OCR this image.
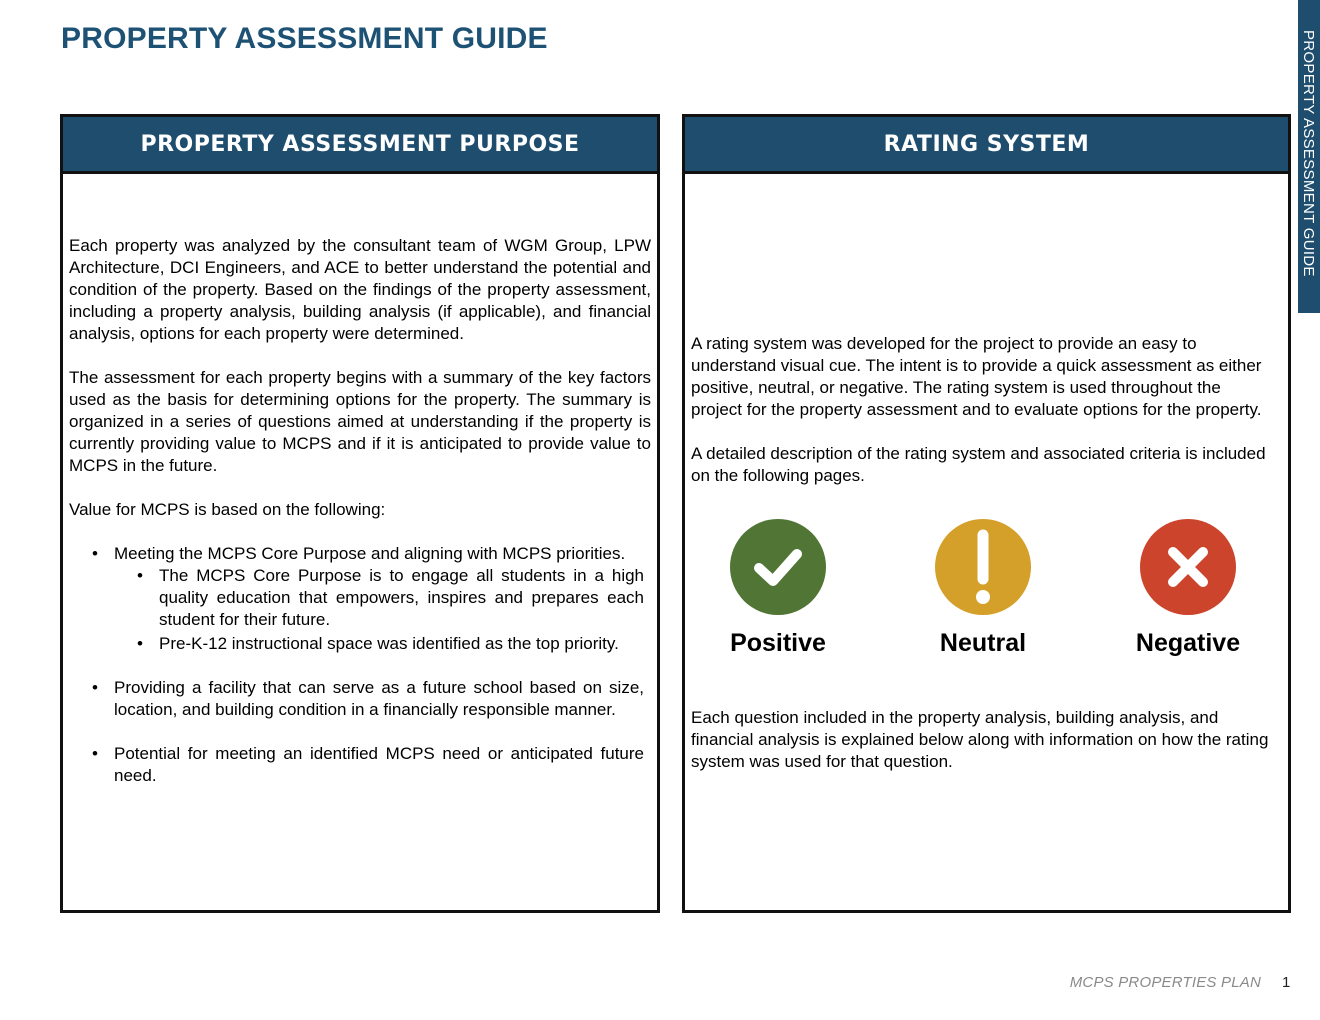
PROPERTY ASSESSMENT GUIDE	PROPERTY ASSESSMENT GUIDE
PROPERTY ASSESSMENT PURPOSE

Each property was analyzed by the consultant team of WGM Group, LPW Architecture, DCI Engineers, and ACE to better understand the potential and condition of the property. Based on the findings of the property assessment, including a property analysis, building analysis (if applicable), and financial analysis, options for each property were determined.

The assessment for each property begins with a summary of the key factors used as the basis for determining options for the property. The summary is organized in a series of questions aimed at understanding if the property is currently providing value to MCPS and if it is anticipated to provide value to MCPS in the future.

Value for MCPS is based on the following:

• Meeting the MCPS Core Purpose and aligning with MCPS priorities.
• The MCPS Core Purpose is to engage all students in a high quality education that empowers, inspires and prepares each student for their future.
• Pre-K-12 instructional space was identified as the top priority.
• Providing a facility that can serve as a future school based on size, location, and building condition in a financially responsible manner.
• Potential for meeting an identified MCPS need or anticipated future need.
RATING SYSTEM

A rating system was developed for the project to provide an easy to understand visual cue. The intent is to provide a quick assessment as either positive, neutral, or negative. The rating system is used throughout the project for the property assessment and to evaluate options for the property.

A detailed description of the rating system and associated criteria is included on the following pages.

Positive	Neutral	Negative

Each question included in the property analysis, building analysis, and financial analysis is explained below along with information on how the rating system was used for that question.

MCPS PROPERTIES PLAN 1
